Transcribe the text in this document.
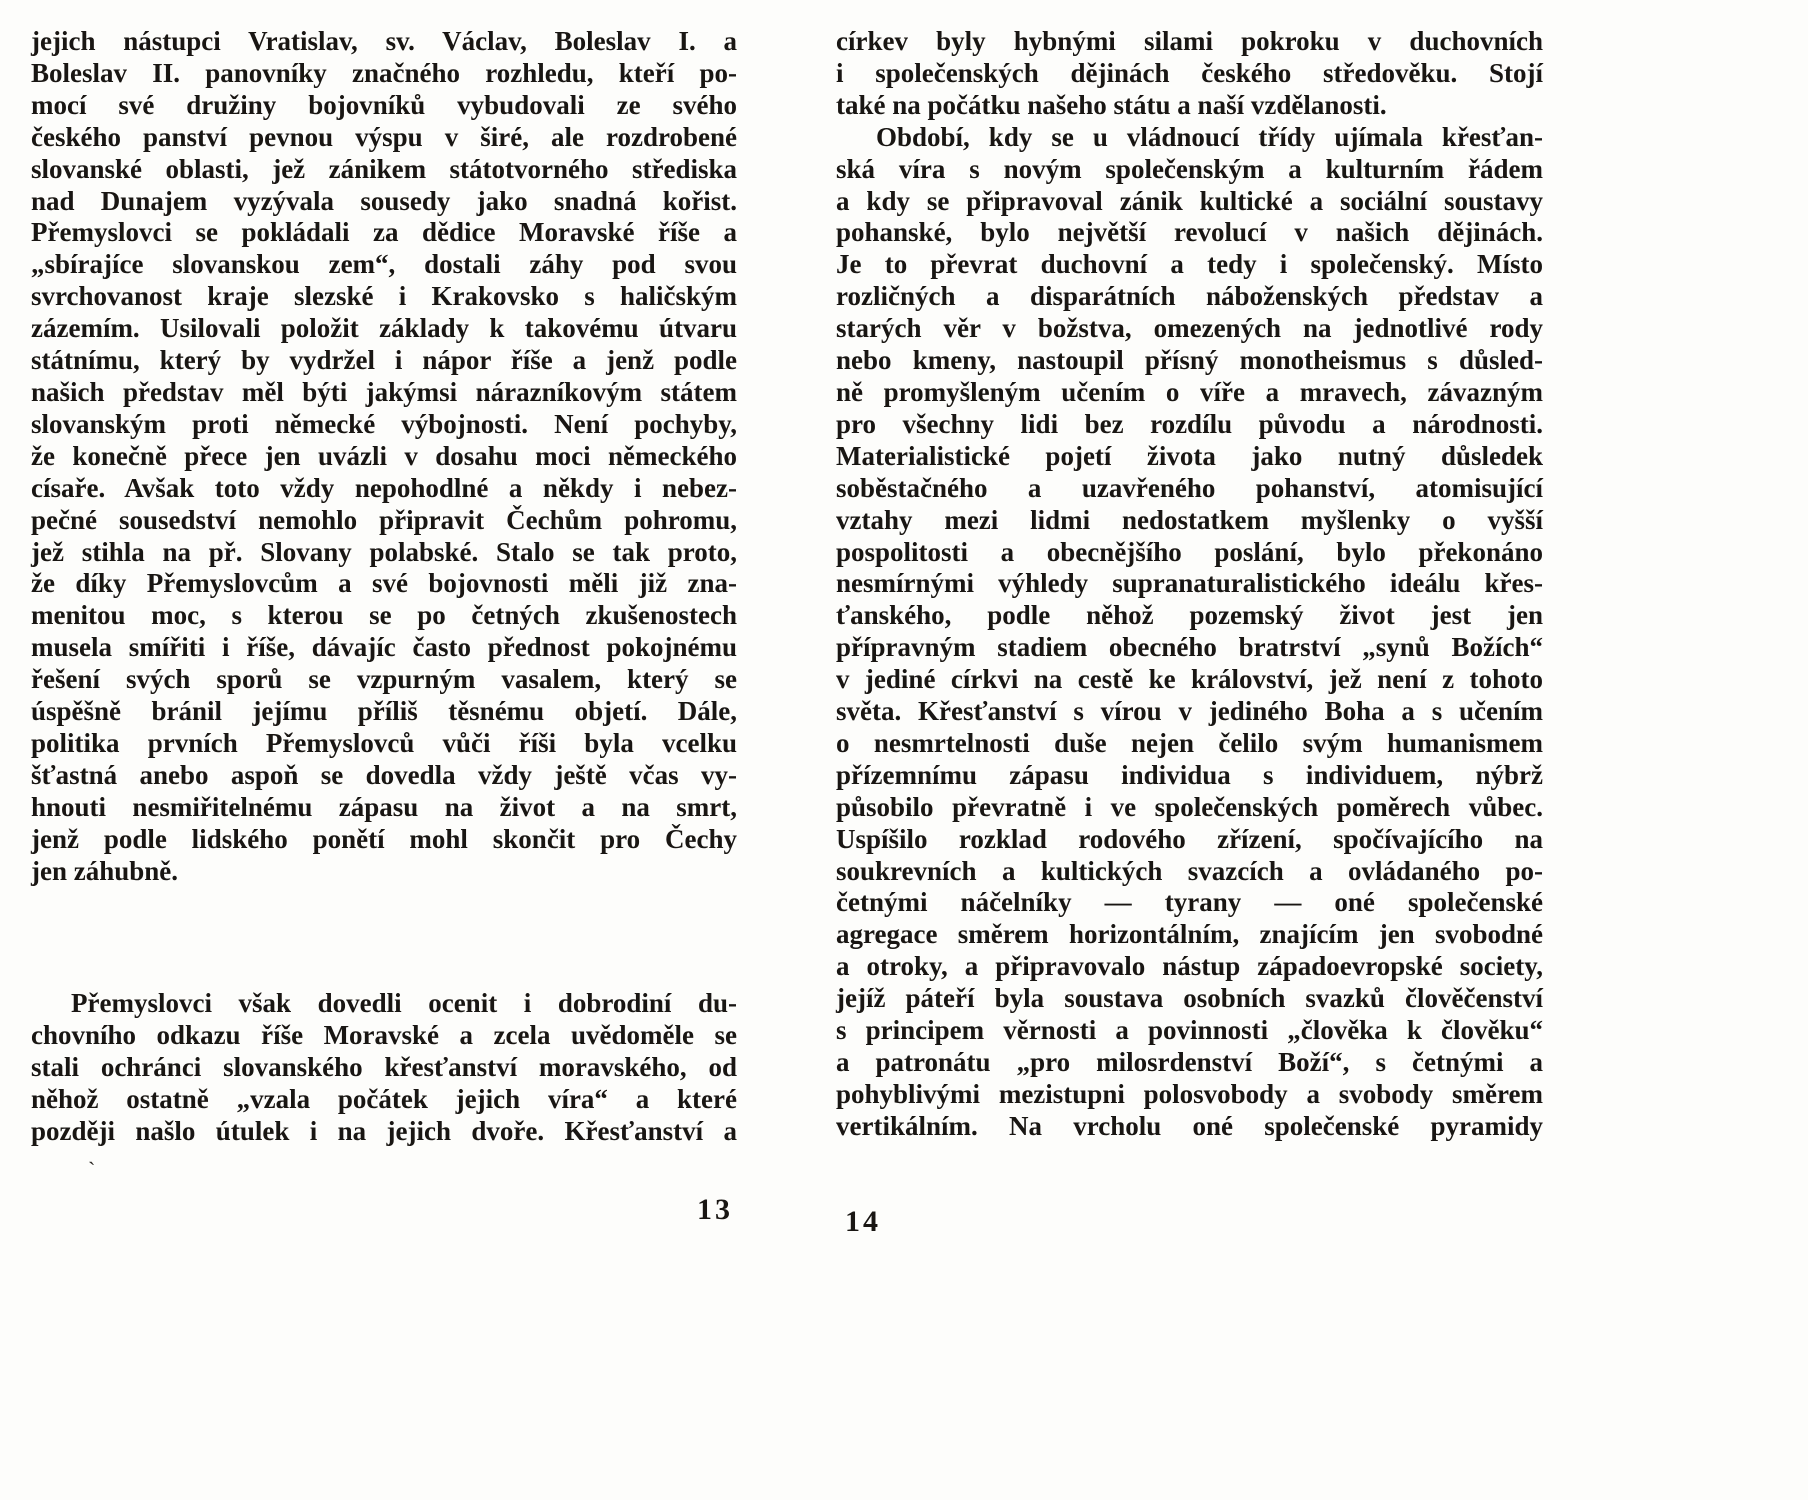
jejich nástupci Vratislav, sv. Václav, Boleslav I. a
Boleslav II. panovníky značného rozhledu, kteří po-
mocí své družiny bojovníků vybudovali ze svého
českého panství pevnou výspu v širé, ale rozdrobené
slovanské oblasti, jež zánikem státotvorného střediska
nad Dunajem vyzývala sousedy jako snadná kořist.
Přemyslovci se pokládali za dědice Moravské říše a
„sbírajíce slovanskou zem“, dostali záhy pod svou
svrchovanost kraje slezské i Krakovsko s haličským
zázemím. Usilovali položit základy k takovému útvaru
státnímu, který by vydržel i nápor říše a jenž podle
našich představ měl býti jakýmsi nárazníkovým státem
slovanským proti německé výbojnosti. Není pochyby,
že konečně přece jen uvázli v dosahu moci německého
císaře. Avšak toto vždy nepohodlné a někdy i nebez-
pečné sousedství nemohlo připravit Čechům pohromu,
jež stihla na př. Slovany polabské. Stalo se tak proto,
že díky Přemyslovcům a své bojovnosti měli již zna-
menitou moc, s kterou se po četných zkušenostech
musela smířiti i říše, dávajíc často přednost pokojnému
řešení svých sporů se vzpurným vasalem, který se
úspěšně bránil jejímu příliš těsnému objetí. Dále,
politika prvních Přemyslovců vůči říši byla vcelku
šťastná anebo aspoň se dovedla vždy ještě včas vy-
hnouti nesmiřitelnému zápasu na život a na smrt,
jenž podle lidského ponětí mohl skončit pro Čechy
jen záhubně.
Přemyslovci však dovedli ocenit i dobrodiní du-
chovního odkazu říše Moravské a zcela uvědoměle se
stali ochránci slovanského křesťanství moravského, od
něhož ostatně „vzala počátek jejich víra“ a které
později našlo útulek i na jejich dvoře. Křesťanství a
13
ˎ
církev byly hybnými silami pokroku v duchovních
i společenských dějinách českého středověku. Stojí
také na počátku našeho státu a naší vzdělanosti.
Období, kdy se u vládnoucí třídy ujímala křesťan-
ská víra s novým společenským a kulturním řádem
a kdy se připravoval zánik kultické a sociální soustavy
pohanské, bylo největší revolucí v našich dějinách.
Je to převrat duchovní a tedy i společenský. Místo
rozličných a disparátních náboženských představ a
starých věr v božstva, omezených na jednotlivé rody
nebo kmeny, nastoupil přísný monotheismus s důsled-
ně promyšleným učením o víře a mravech, závazným
pro všechny lidi bez rozdílu původu a národnosti.
Materialistické pojetí života jako nutný důsledek
soběstačného a uzavřeného pohanství, atomisující
vztahy mezi lidmi nedostatkem myšlenky o vyšší
pospolitosti a obecnějšího poslání, bylo překonáno
nesmírnými výhledy supranaturalistického ideálu křes-
ťanského, podle něhož pozemský život jest jen
přípravným stadiem obecného bratrství „synů Božích“
v jediné církvi na cestě ke království, jež není z tohoto
světa. Křesťanství s vírou v jediného Boha a s učením
o nesmrtelnosti duše nejen čelilo svým humanismem
přízemnímu zápasu individua s individuem, nýbrž
působilo převratně i ve společenských poměrech vůbec.
Uspíšilo rozklad rodového zřízení, spočívajícího na
soukrevních a kultických svazcích a ovládaného po-
četnými náčelníky — tyrany — oné společenské
agregace směrem horizontálním, znajícím jen svobodné
a otroky, a připravovalo nástup západoevropské society,
jejíž páteří byla soustava osobních svazků člověčenství
s principem věrnosti a povinnosti „člověka k člověku“
a patronátu „pro milosrdenství Boží“, s četnými a
pohyblivými mezistupni polosvobody a svobody směrem
vertikálním. Na vrcholu oné společenské pyramidy
14
